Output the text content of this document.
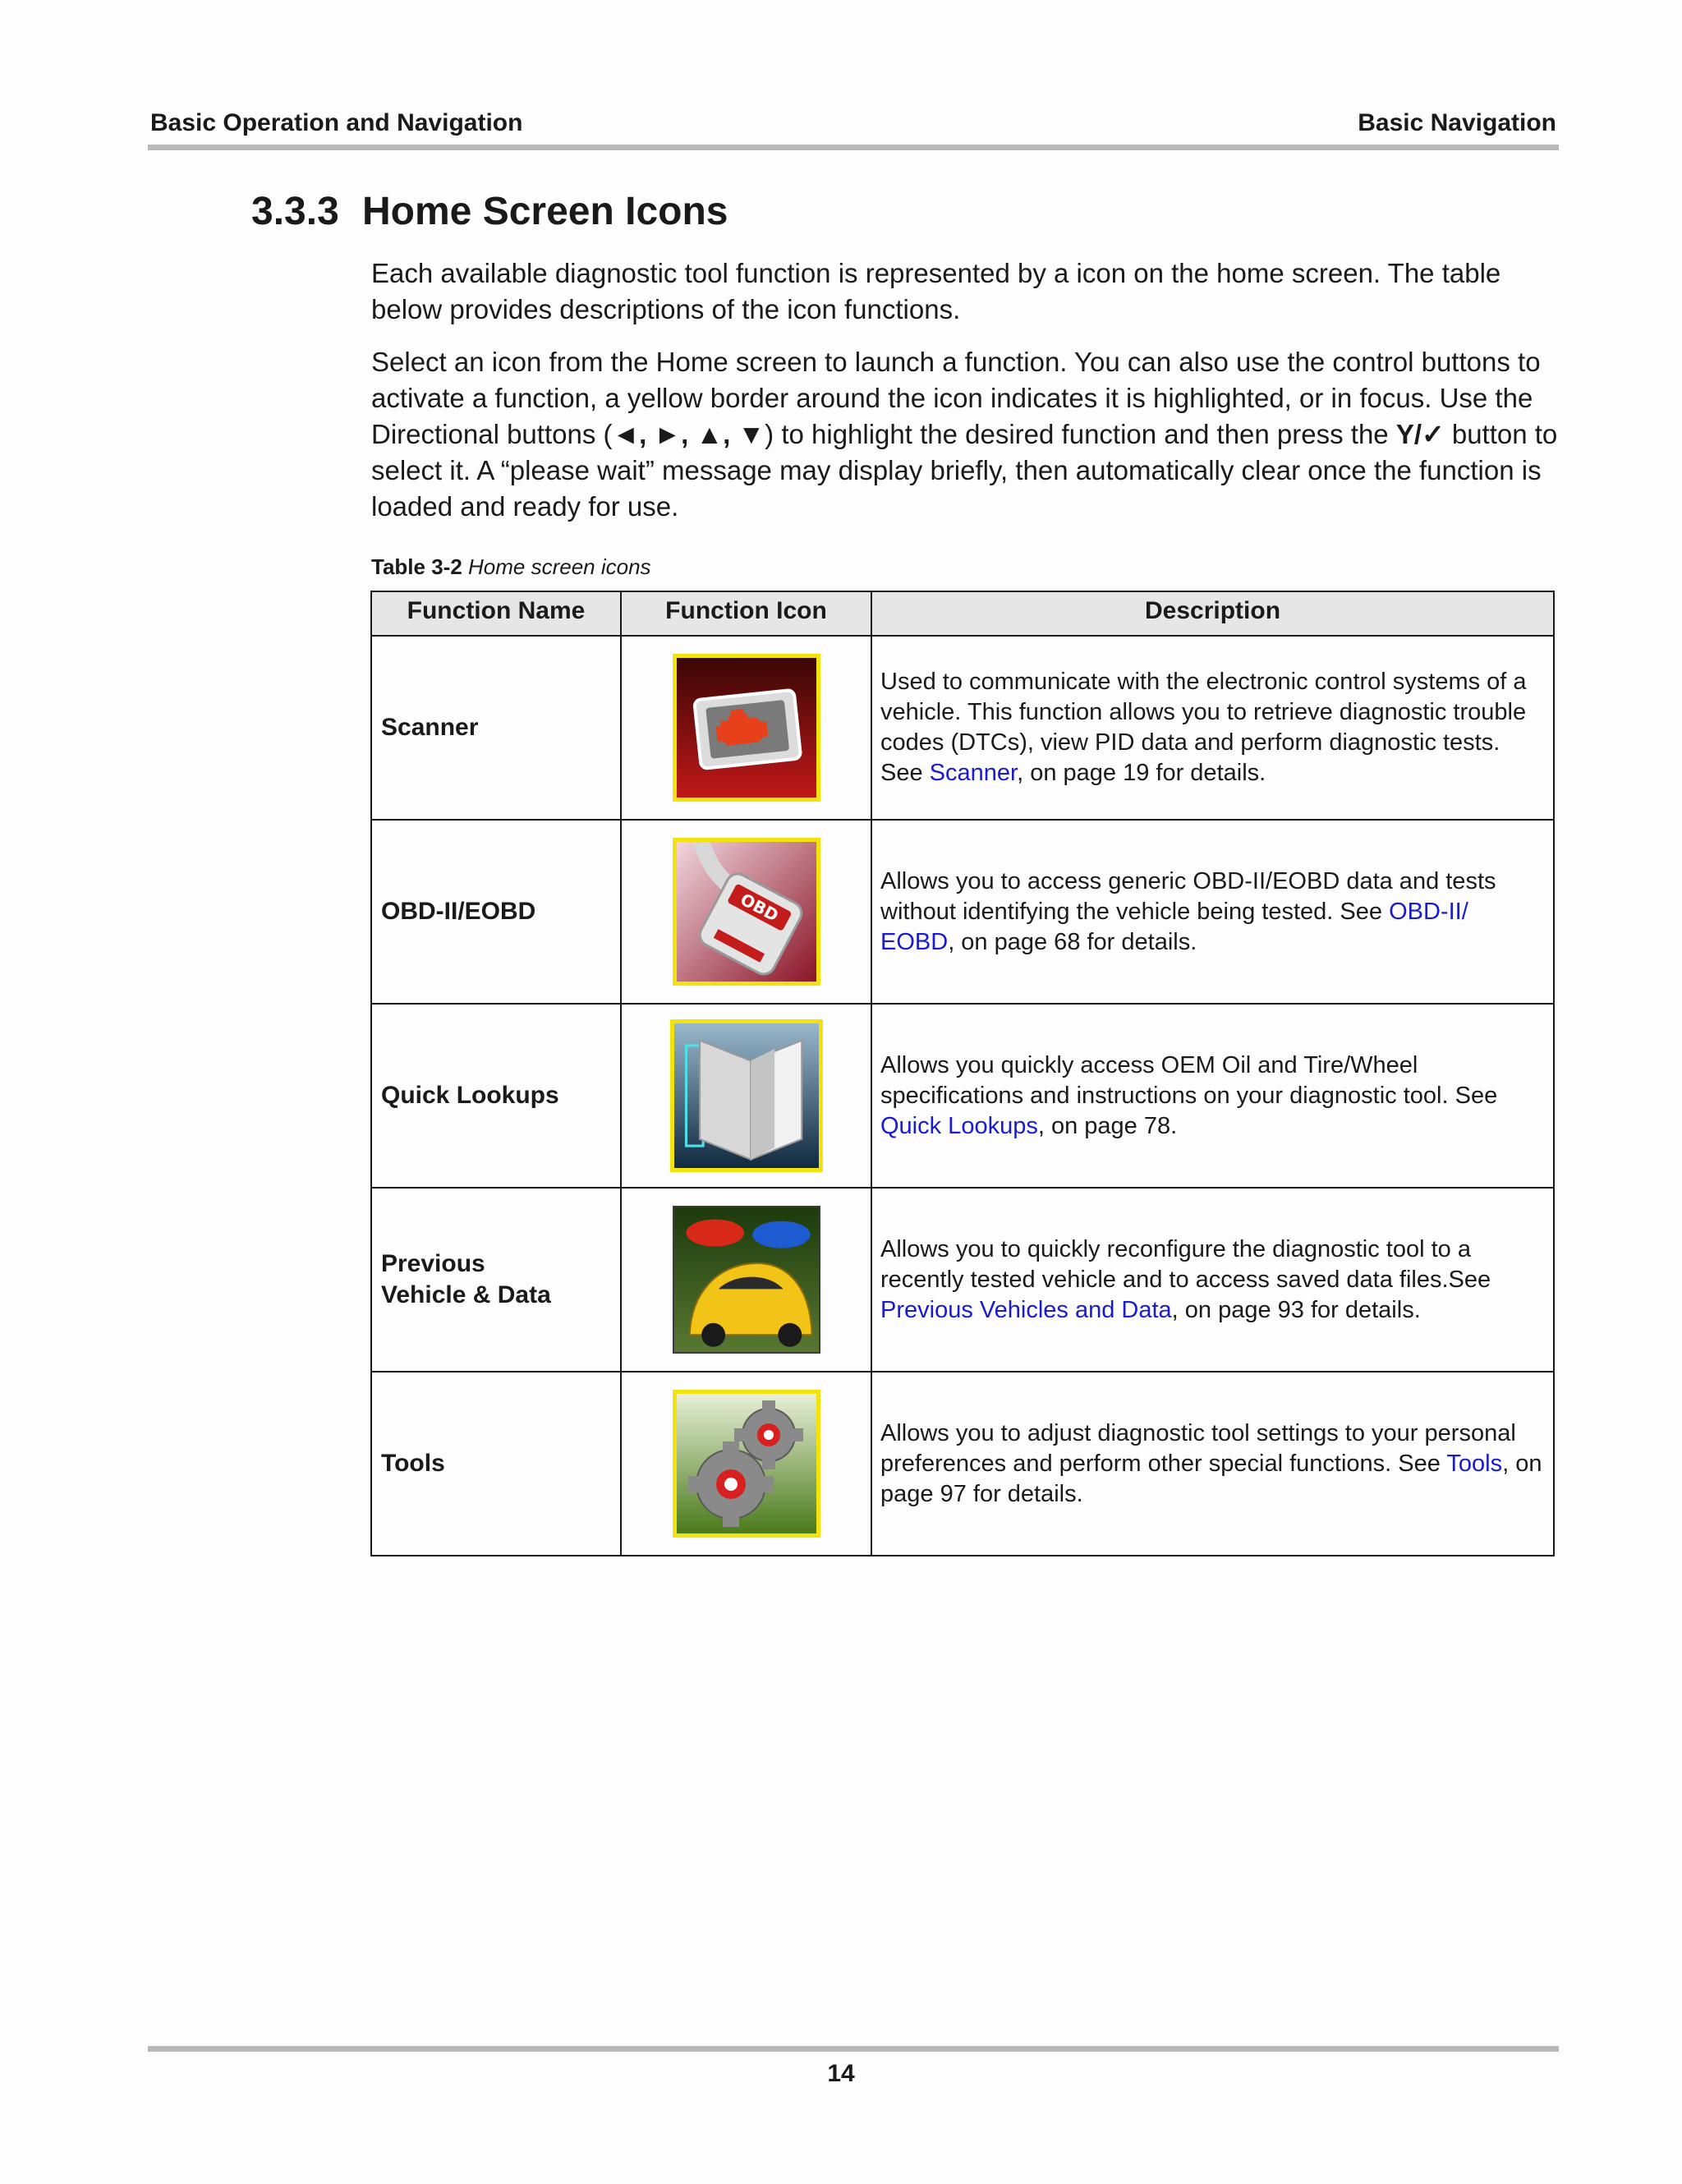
Basic Operation and Navigation	Basic Navigation
3.3.3 Home Screen Icons
Each available diagnostic tool function is represented by a icon on the home screen. The table below provides descriptions of the icon functions.
Select an icon from the Home screen to launch a function. You can also use the control buttons to activate a function, a yellow border around the icon indicates it is highlighted, or in focus. Use the Directional buttons (◄, ►, ▲, ▼) to highlight the desired function and then press the Y/✓ button to select it. A “please wait” message may display briefly, then automatically clear once the function is loaded and ready for use.
Table 3-2 Home screen icons
Function Name	Function Icon	Description
Scanner		Used to communicate with the electronic control systems of a vehicle. This function allows you to retrieve diagnostic trouble codes (DTCs), view PID data and perform diagnostic tests. See Scanner, on page 19 for details.
OBD-II/EOBD	OBD	Allows you to access generic OBD-II/EOBD data and tests without identifying the vehicle being tested. See OBD-II/ EOBD, on page 68 for details.
Quick Lookups		Allows you quickly access OEM Oil and Tire/Wheel specifications and instructions on your diagnostic tool. See Quick Lookups, on page 78.
Previous
Vehicle & Data		Allows you to quickly reconfigure the diagnostic tool to a recently tested vehicle and to access saved data files.See Previous Vehicles and Data, on page 93 for details.
Tools		Allows you to adjust diagnostic tool settings to your personal preferences and perform other special functions. See Tools, on page 97 for details.
14
